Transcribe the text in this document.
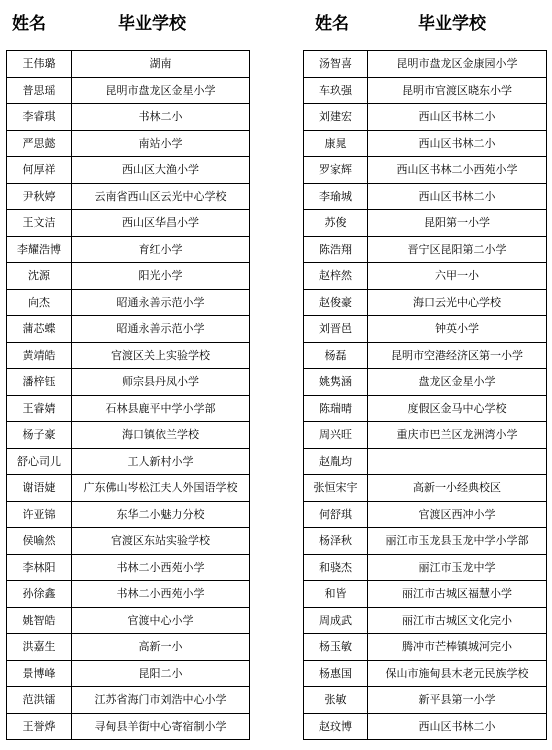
姓名	毕业学校
王伟璐	湖南
普思瑶	昆明市盘龙区金星小学
李睿琪	书林二小
严思懿	南站小学
何厚祥	西山区大渔小学
尹秋婷	云南省西山区云光中心学校
王文洁	西山区华昌小学
李耀浩博	育红小学
沈源	阳光小学
向杰	昭通永善示范小学
蒲芯蝶	昭通永善示范小学
黄靖皓	官渡区关上实验学校
潘梓钰	师宗县丹凤小学
王睿婧	石林县鹿平中学小学部
杨子豪	海口镇依兰学校
舒心司儿	工人新村小学
谢语婕	广东佛山岑松江夫人外国语学校
许亚锦	东华二小魅力分校
侯喻然	官渡区东站实验学校
李林阳	书林二小西苑小学
孙徐鑫	书林二小西苑小学
姚智皓	官渡中心小学
洪嘉生	高新一小
景博峰	昆阳二小
范洪镭	江苏省海门市刘浩中心小学
王誉烨	寻甸县羊街中心寄宿制小学
姓名	毕业学校
汤智喜	昆明市盘龙区金康园小学
车玖强	昆明市官渡区晓东小学
刘建宏	西山区书林二小
康晁	西山区书林二小
罗家辉	西山区书林二小西苑小学
李瑜城	西山区书林二小
苏俊	昆阳第一小学
陈浩翔	晋宁区昆阳第二小学
赵梓然	六甲一小
赵俊豪	海口云光中心学校
刘晋邑	钟英小学
杨磊	昆明市空港经济区第一小学
姚隽涵	盘龙区金星小学
陈瑞晴	度假区金马中心学校
周兴旺	重庆市巴兰区龙洲湾小学
赵胤均	
张恒宋宇	高新一小经典校区
何舒琪	官渡区西冲小学
杨泽秋	丽江市玉龙县玉龙中学小学部
和骁杰	丽江市玉龙中学
和皆	丽江市古城区福慧小学
周成武	丽江市古城区文化完小
杨玉敏	腾冲市芒棒镇城河完小
杨惠国	保山市施甸县木老元民族学校
张敏	新平县第一小学
赵玟博	西山区书林二小
